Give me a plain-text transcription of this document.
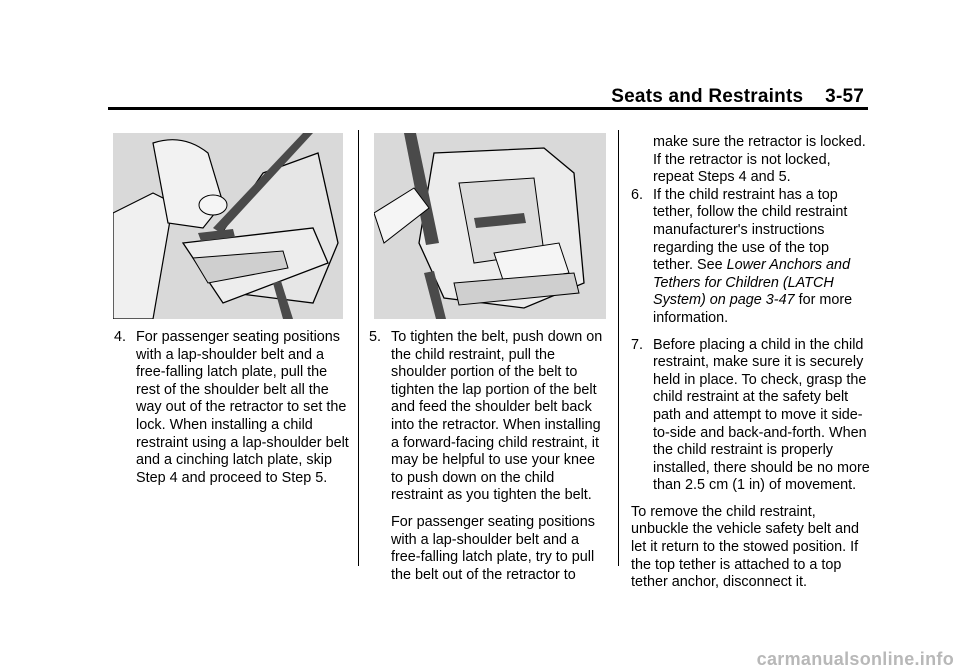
Seats and Restraints 3-57
4. For passenger seating positions with a lap-shoulder belt and a free-falling latch plate, pull the rest of the shoulder belt all the way out of the retractor to set the lock. When installing a child restraint using a lap-shoulder belt and a cinching latch plate, skip Step 4 and proceed to Step 5.
5. To tighten the belt, push down on the child restraint, pull the shoulder portion of the belt to tighten the lap portion of the belt and feed the shoulder belt back into the retractor. When installing a forward-facing child restraint, it may be helpful to use your knee to push down on the child restraint as you tighten the belt.

For passenger seating positions with a lap-shoulder belt and a free-falling latch plate, try to pull the belt out of the retractor to

make sure the retractor is locked. If the retractor is not locked, repeat Steps 4 and 5.

6. If the child restraint has a top tether, follow the child restraint manufacturer's instructions regarding the use of the top tether. See Lower Anchors and Tethers for Children (LATCH System) on page 3-47 for more information.
7. Before placing a child in the child restraint, make sure it is securely held in place. To check, grasp the child restraint at the safety belt path and attempt to move it side-to-side and back-and-forth. When the child restraint is properly installed, there should be no more than 2.5 cm (1 in) of movement.

To remove the child restraint, unbuckle the vehicle safety belt and let it return to the stowed position. If the top tether is attached to a top tether anchor, disconnect it.

carmanualsonline.info
